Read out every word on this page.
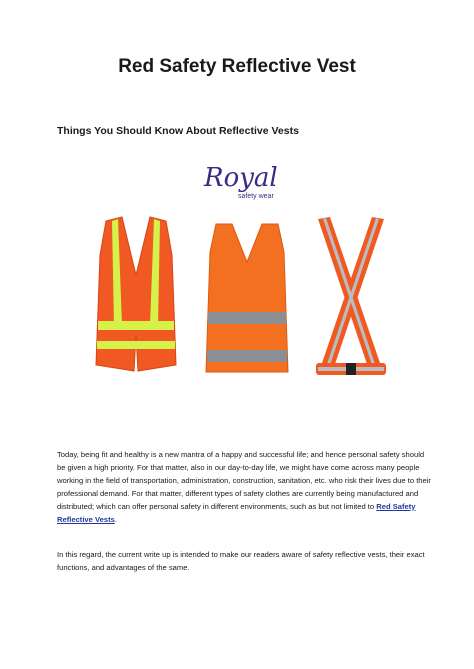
Red Safety Reflective Vest
Things You Should Know About Reflective Vests
Royal
safety wear

Today, being fit and healthy is a new mantra of a happy and successful life; and hence personal safety should be given a high priority. For that matter, also in our day-to-day life, we might have come across many people working in the field of transportation, administration, construction, sanitation, etc. who risk their lives due to their professional demand. For that matter, different types of safety clothes are currently being manufactured and distributed; which can offer personal safety in different environments, such as but not limited to Red Safety Reflective Vests.

In this regard, the current write up is intended to make our readers aware of safety reflective vests, their exact functions, and advantages of the same.
